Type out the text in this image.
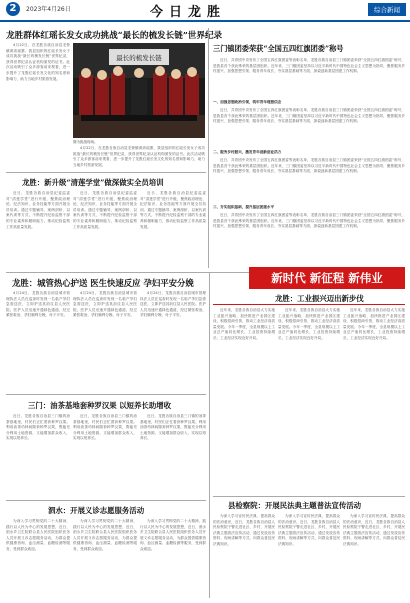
2	2023年4月26日	今日龙胜	综合新闻
龙胜群体红瑶长发女成功挑战“最长的梳发长链”世界纪录

4月22日，在龙胜各族自治县龙脊镇黄洛瑶寨，我县组织的红瑶长发女子成功挑战“最长的梳发长链”世界纪录，获得世界纪录认证机构颁发的证书。此次活动吸引了众多游客前来观看，进一步提升了龙胜红瑶长发文化的知名度和影响力，助力当地乡村旅游发展。

最长的梳发长链
图为挑战现场。

4月22日，在龙胜各族自治县龙脊镇黄洛瑶寨，我县组织的红瑶长发女子成功挑战“最长的梳发长链”世界纪录，获得世界纪录认证机构颁发的证书。此次活动吸引了众多游客前来观看，进一步提升了龙胜红瑶长发文化的知名度和影响力，助力当地乡村旅游发展。

三门镇团委荣获“全国五四红旗团委”称号

近日，共青团中央发布了全国五四红旗团委等表彰名单，龙胜各族自治县三门镇团委荣获“全国五四红旗团委”称号，是我县首个获此殊荣的基层团组织。近年来，三门镇团委坚持以习近平新时代中国特色社会主义思想为指导，聚焦服务乡村振兴、加强思想引领、服务青年成长、夯实基层基础等方面，探索创新基层团建工作机制。

一、加强思想政治引领，筑牢青年理想信念

近日，共青团中央发布了全国五四红旗团委等表彰名单，龙胜各族自治县三门镇团委荣获“全国五四红旗团委”称号，是我县首个获此殊荣的基层团组织。近年来，三门镇团委坚持以习近平新时代中国特色社会主义思想为指导，聚焦服务乡村振兴、加强思想引领、服务青年成长、夯实基层基础等方面，探索创新基层团建工作机制。

二、服务乡村振兴，激发青年创新创业活力

近日，共青团中央发布了全国五四红旗团委等表彰名单，龙胜各族自治县三门镇团委荣获“全国五四红旗团委”称号，是我县首个获此殊荣的基层团组织。近年来，三门镇团委坚持以习近平新时代中国特色社会主义思想为指导，聚焦服务乡村振兴、加强思想引领、服务青年成长、夯实基层基础等方面，探索创新基层团建工作机制。

三、夯实组织基础，提升基层团建水平

近日，共青团中央发布了全国五四红旗团委等表彰名单，龙胜各族自治县三门镇团委荣获“全国五四红旗团委”称号，是我县首个获此殊荣的基层团组织。近年来，三门镇团委坚持以习近平新时代中国特色社会主义思想为指导，聚焦服务乡村振兴、加强思想引领、服务青年成长、夯实基层基础等方面，探索创新基层团建工作机制。

龙胜：新升级“清莲学堂”做深做实全员培训

近日，龙胜各族自治县纪委监委对“清莲学堂”进行升级，聚焦政治理论、纪法知识、业务技能等方面开展全员培训。通过专题辅导、案例剖析、以案代训等方式，不断提升纪检监察干部的专业素养和履职能力，推动纪检监察工作高质量发展。

近日，龙胜各族自治县纪委监委对“清莲学堂”进行升级，聚焦政治理论、纪法知识、业务技能等方面开展全员培训。通过专题辅导、案例剖析、以案代训等方式，不断提升纪检监察干部的专业素养和履职能力，推动纪检监察工作高质量发展。

近日，龙胜各族自治县纪委监委对“清莲学堂”进行升级，聚焦政治理论、纪法知识、业务技能等方面开展全员培训。通过专题辅导、案例剖析、以案代训等方式，不断提升纪检监察干部的专业素养和履职能力，推动纪检监察工作高质量发展。

龙胜：城管热心护送 医生快速反应 孕妇平安分娩

4月24日，龙胜各族自治县城市管理执法人员在巡查时发现一名临产孕妇急需送医，立即护送其前往县人民医院。医护人员迅速开通绿色通道，经过紧张救治，孕妇顺利分娩，母子平安。

4月24日，龙胜各族自治县城市管理执法人员在巡查时发现一名临产孕妇急需送医，立即护送其前往县人民医院。医护人员迅速开通绿色通道，经过紧张救治，孕妇顺利分娩，母子平安。

4月24日，龙胜各族自治县城市管理执法人员在巡查时发现一名临产孕妇急需送医，立即护送其前往县人民医院。医护人员迅速开通绿色通道，经过紧张救治，孕妇顺利分娩，母子平安。

新时代 新征程 新伟业
龙胜：工业振兴迈出新步伐

近年来，龙胜各族自治县大力实施工业振兴战略，加快推进产业园区建设，积极招商引资，推动工业经济高质量发展。今年一季度，全县规模以上工业总产值同比增长，工业投资持续增长，工业经济实现良好开局。

近年来，龙胜各族自治县大力实施工业振兴战略，加快推进产业园区建设，积极招商引资，推动工业经济高质量发展。今年一季度，全县规模以上工业总产值同比增长，工业投资持续增长，工业经济实现良好开局。

近年来，龙胜各族自治县大力实施工业振兴战略，加快推进产业园区建设，积极招商引资，推动工业经济高质量发展。今年一季度，全县规模以上工业总产值同比增长，工业投资持续增长，工业经济实现良好开局。

三门：油茶基地套种罗汉果 以短养长助增收

近日，龙胜各族自治县三门镇的油茶基地里，村民们正忙着套种罗汉果。利用油茶幼林间隙套种罗汉果，既能充分利用土地资源，又能增加群众收入，实现以短养长。

近日，龙胜各族自治县三门镇的油茶基地里，村民们正忙着套种罗汉果。利用油茶幼林间隙套种罗汉果，既能充分利用土地资源，又能增加群众收入，实现以短养长。

近日，龙胜各族自治县三门镇的油茶基地里，村民们正忙着套种罗汉果。利用油茶幼林间隙套种罗汉果，既能充分利用土地资源，又能增加群众收入，实现以短养长。

县检察院：开展民法典主题普法宣传活动

为深入学习宣传民法典，提高群众的法治意识，近日，龙胜各族自治县人民检察院干警走进社区、乡村，开展民法典主题普法宣传活动，通过发放宣传资料、现场讲解等方式，向群众普及民法典知识。

为深入学习宣传民法典，提高群众的法治意识，近日，龙胜各族自治县人民检察院干警走进社区、乡村，开展民法典主题普法宣传活动，通过发放宣传资料、现场讲解等方式，向群众普及民法典知识。

为深入学习宣传民法典，提高群众的法治意识，近日，龙胜各族自治县人民检察院干警走进社区、乡村，开展民法典主题普法宣传活动，通过发放宣传资料、现场讲解等方式，向群众普及民法典知识。

泗水：开展义诊志愿服务活动

为深入学习贯彻党的二十大精神，践行以人民为中心的发展思想，近日，泗水乡卫生院联合县人民医院组织医务人员开展义诊志愿服务活动，为群众提供健康咨询、血压测量、血糖检测等服务，受到群众欢迎。

为深入学习贯彻党的二十大精神，践行以人民为中心的发展思想，近日，泗水乡卫生院联合县人民医院组织医务人员开展义诊志愿服务活动，为群众提供健康咨询、血压测量、血糖检测等服务，受到群众欢迎。

为深入学习贯彻党的二十大精神，践行以人民为中心的发展思想，近日，泗水乡卫生院联合县人民医院组织医务人员开展义诊志愿服务活动，为群众提供健康咨询、血压测量、血糖检测等服务，受到群众欢迎。
